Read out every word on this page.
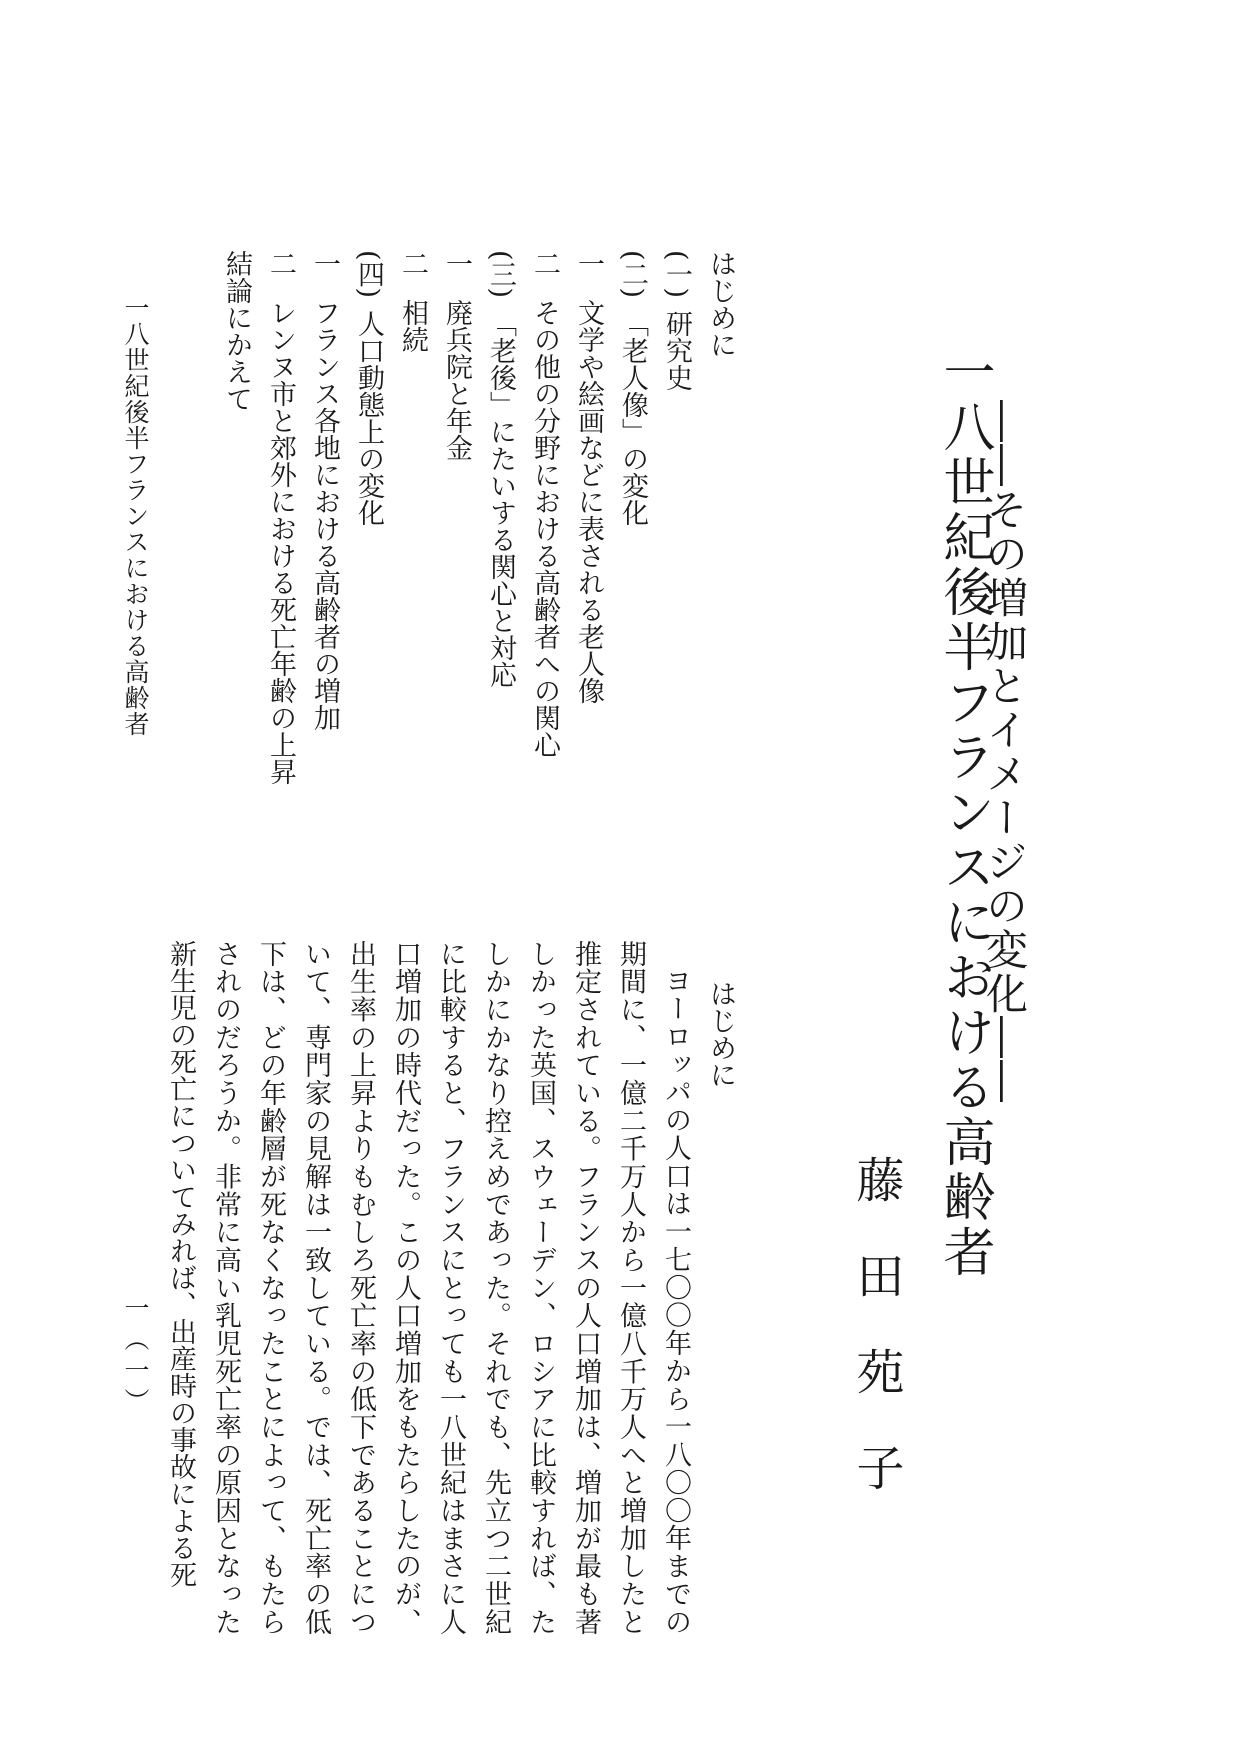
一八世紀後半フランスにおける高齢者
――その増加とイメージの変化――
藤田苑子
はじめに
(一)研究史
(二)「老人像」の変化
一文学や絵画などに表される老人像
二その他の分野における高齢者への関心
(三)「老後」にたいする関心と対応
一廃兵院と年金
二相続
(四)人口動態上の変化
一フランス各地における高齢者の増加
二レンヌ市と郊外における死亡年齢の上昇
結論にかえて
はじめに
ヨーロッパの人口は一七〇〇年から一八〇〇年までの期間に、一億二千万人から一億八千万人へと増加したと推定されている。フランスの人口増加は、増加が最も著しかった英国、スウェーデン、ロシアに比較すれば、たしかにかなり控えめであった。それでも、先立つ二世紀に比較すると、フランスにとっても一八世紀はまさに人口増加の時代だった。この人口増加をもたらしたのが、出生率の上昇よりもむしろ死亡率の低下であることについて、専門家の見解は一致している。では、死亡率の低下は、どの年齢層が死なくなったことによって、もたらされのだろうか。非常に高い乳児死亡率の原因となった新生児の死亡についてみれば、出産時の事故による死
一八世紀後半フランスにおける高齢者
一（一）
